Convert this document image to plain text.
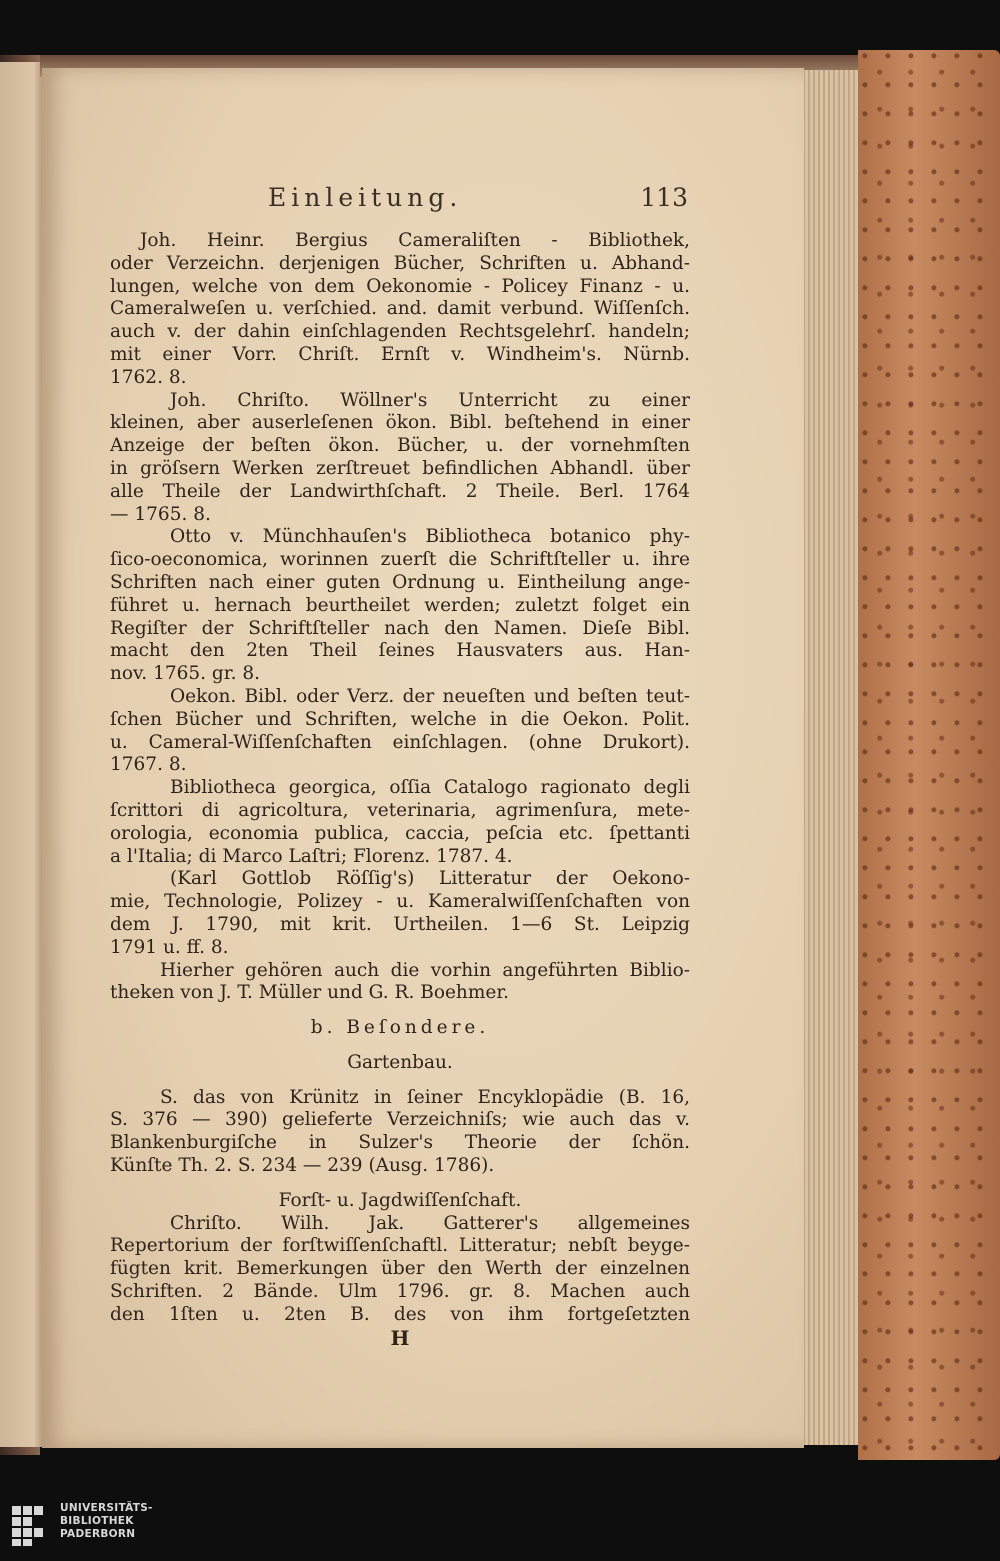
Einleitung.	113
Joh. Heinr. Bergius Cameraliſten - Bibliothek,
oder Verzeichn. derjenigen Bücher, Schriften u. Abhand-
lungen, welche von dem Oekonomie - Policey Finanz - u.
Cameralweſen u. verſchied. and. damit verbund. Wiſſenſch.
auch v. der dahin einſchlagenden Rechtsgelehrſ. handeln;
mit einer Vorr. Chriſt. Ernſt v. Windheim's. Nürnb.
1762. 8.
Joh. Chriſto. Wöllner's Unterricht zu einer
kleinen, aber auserleſenen ökon. Bibl. beſtehend in einer
Anzeige der beſten ökon. Bücher, u. der vornehmſten
in gröſsern Werken zerſtreuet befindlichen Abhandl. über
alle Theile der Landwirthſchaft. 2 Theile. Berl. 1764
— 1765. 8.
Otto v. Münchhauſen's Bibliotheca botanico phy-
ſico-oeconomica, worinnen zuerſt die Schriftſteller u. ihre
Schriften nach einer guten Ordnung u. Eintheilung ange-
führet u. hernach beurtheilet werden; zuletzt folget ein
Regiſter der Schriftſteller nach den Namen. Dieſe Bibl.
macht den 2ten Theil ſeines Hausvaters aus. Han-
nov. 1765. gr. 8.
Oekon. Bibl. oder Verz. der neueſten und beſten teut-
ſchen Bücher und Schriften, welche in die Oekon. Polit.
u. Cameral-Wiſſenſchaften einſchlagen. (ohne Drukort).
1767. 8.
Bibliotheca georgica, oſſia Catalogo ragionato degli
ſcrittori di agricoltura, veterinaria, agrimenſura, mete-
orologia, economia publica, caccia, peſcia etc. ſpettanti
a l'Italia; di Marco Laſtri; Florenz. 1787. 4.
(Karl Gottlob Röſſig's) Litteratur der Oekono-
mie, Technologie, Polizey - u. Kameralwiſſenſchaften von
dem J. 1790, mit krit. Urtheilen. 1—6 St. Leipzig
1791 u. ff. 8.
Hierher gehören auch die vorhin angeführten Biblio-
theken von J. T. Müller und G. R. Boehmer.
b. Beſondere.
Gartenbau.
S. das von Krünitz in ſeiner Encyklopädie (B. 16,
S. 376 — 390) gelieferte Verzeichniſs; wie auch das v.
Blankenburgiſche in Sulzer's Theorie der ſchön.
Künſte Th. 2. S. 234 — 239 (Ausg. 1786).
Forſt- u. Jagdwiſſenſchaft.
Chriſto. Wilh. Jak. Gatterer's allgemeines
Repertorium der forſtwiſſenſchaftl. Litteratur; nebſt beyge-
fügten krit. Bemerkungen über den Werth der einzelnen
Schriften. 2 Bände. Ulm 1796. gr. 8. Machen auch
den 1ſten u. 2ten B. des von ihm fortgeſetzten
H
UNIVERSITÄTS-
BIBLIOTHEK
PADERBORN
